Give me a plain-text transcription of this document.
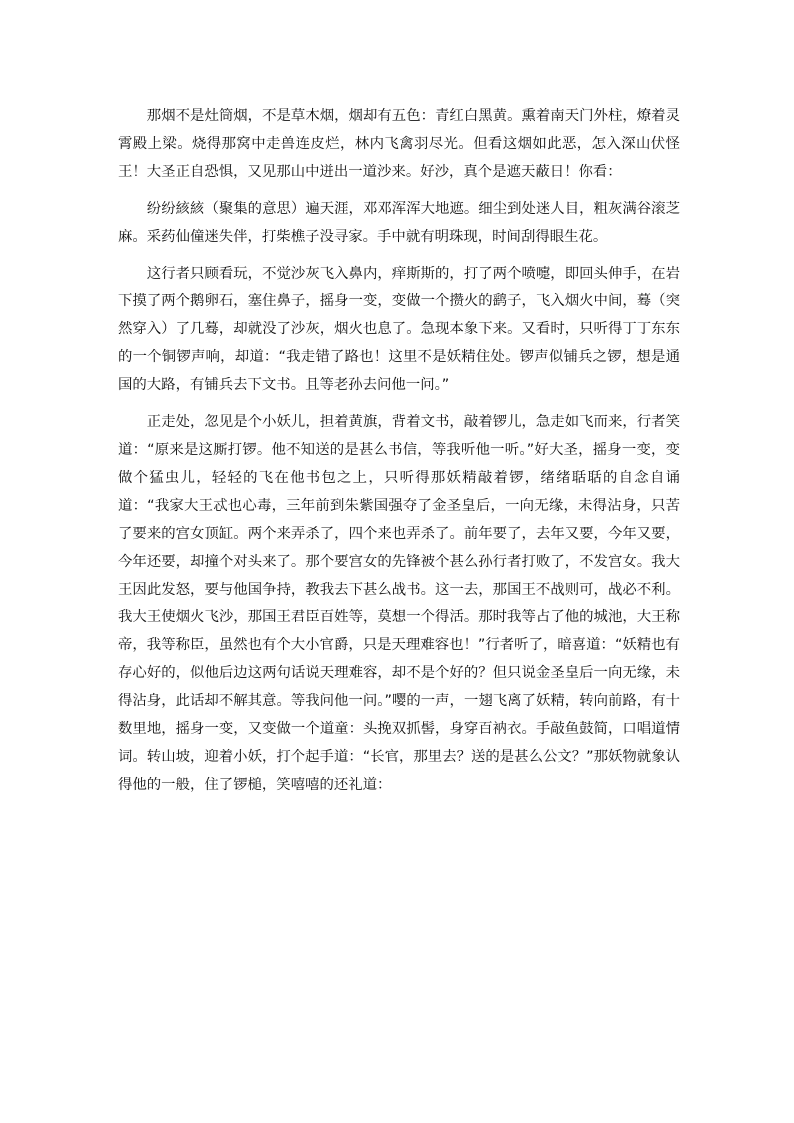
那烟不是灶筒烟，不是草木烟，烟却有五色：青红白黑黄。熏着南天门外柱，燎着灵霄殿上梁。烧得那窝中走兽连皮烂，林内飞禽羽尽光。但看这烟如此恶，怎入深山伏怪王！大圣正自恐惧，又见那山中迸出一道沙来。好沙，真个是遮天蔽日！你看：

纷纷絯絯（聚集的意思）遍天涯，邓邓浑浑大地遮。细尘到处迷人目，粗灰满谷滚芝麻。采药仙僮迷失伴，打柴樵子没寻家。手中就有明珠现，时间刮得眼生花。

这行者只顾看玩，不觉沙灰飞入鼻内，痒斯斯的，打了两个喷嚏，即回头伸手，在岩下摸了两个鹅卵石，塞住鼻子，摇身一变，变做一个攒火的鹞子，飞入烟火中间，蓦（突然穿入）了几蓦，却就没了沙灰，烟火也息了。急现本象下来。又看时，只听得丁丁东东的一个铜锣声响，却道：“我走错了路也！这里不是妖精住处。锣声似铺兵之锣，想是通国的大路，有铺兵去下文书。且等老孙去问他一问。”

正走处，忽见是个小妖儿，担着黄旗，背着文书，敲着锣儿，急走如飞而来，行者笑道：“原来是这厮打锣。他不知送的是甚么书信，等我听他一听。”好大圣，摇身一变，变做个猛虫儿，轻轻的飞在他书包之上，只听得那妖精敲着锣，绪绪聒聒的自念自诵道：“我家大王忒也心毒，三年前到朱紫国强夺了金圣皇后，一向无缘，未得沾身，只苦了要来的宫女顶缸。两个来弄杀了，四个来也弄杀了。前年要了，去年又要，今年又要，今年还要，却撞个对头来了。那个要宫女的先锋被个甚么孙行者打败了，不发宫女。我大王因此发怒，要与他国争持，教我去下甚么战书。这一去，那国王不战则可，战必不利。我大王使烟火飞沙，那国王君臣百姓等，莫想一个得活。那时我等占了他的城池，大王称帝，我等称臣，虽然也有个大小官爵，只是天理难容也！”行者听了，暗喜道：“妖精也有存心好的，似他后边这两句话说天理难容，却不是个好的？但只说金圣皇后一向无缘，未得沾身，此话却不解其意。等我问他一问。”嘤的一声，一翅飞离了妖精，转向前路，有十数里地，摇身一变，又变做一个道童：头挽双抓髻，身穿百衲衣。手敲鱼鼓简，口唱道情词。转山坡，迎着小妖，打个起手道：“长官，那里去？送的是甚么公文？”那妖物就象认得他的一般，住了锣槌，笑嘻嘻的还礼道：
